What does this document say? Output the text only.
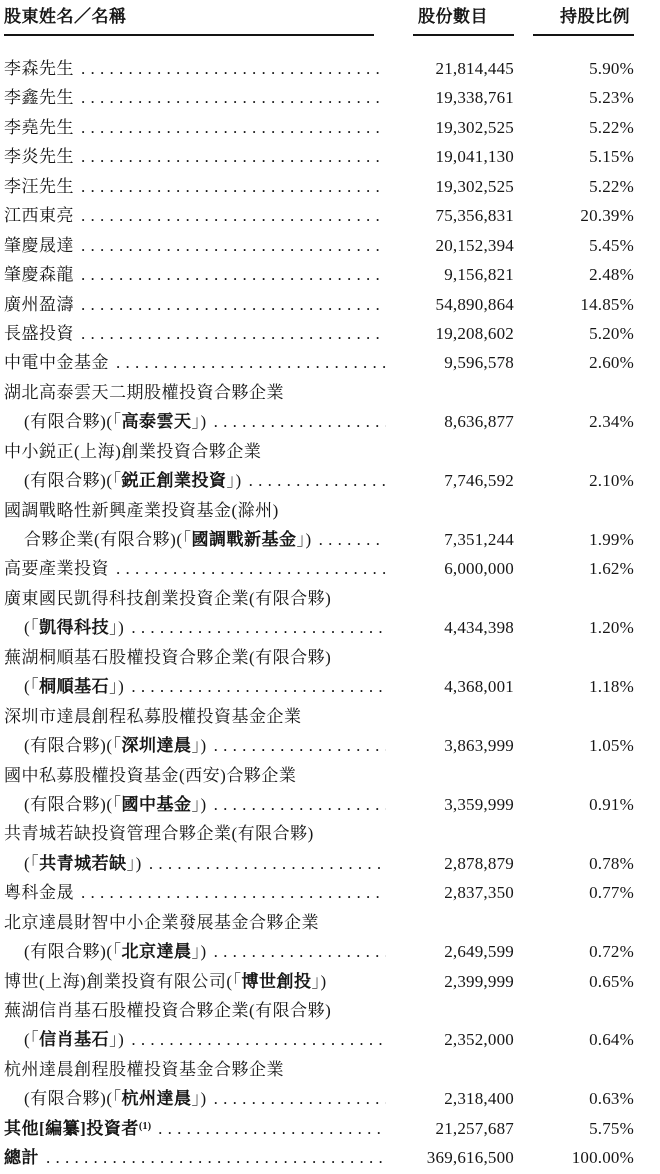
股東姓名／名稱	股份數目	持股比例
李森先生 . . .	21,814,445	5.90%
李鑫先生 . . .	19,338,761	5.23%
李堯先生 . . .	19,302,525	5.22%
李炎先生 . . .	19,041,130	5.15%
李汪先生 . . .	19,302,525	5.22%
江西東亮 . . .	75,356,831	20.39%
肇慶晟達 . . .	20,152,394	5.45%
肇慶森龍 . . .	9,156,821	2.48%
廣州盈濤 . . .	54,890,864	14.85%
長盛投資 . . .	19,208,602	5.20%
中電中金基金 . . .	9,596,578	2.60%
湖北高泰雲天二期股權投資合夥企業
(有限合夥)(「高泰雲天」) . . .	8,636,877	2.34%
中小鋭正(上海)創業投資合夥企業
(有限合夥)(「鋭正創業投資」) . . .	7,746,592	2.10%
國調戰略性新興產業投資基金(滁州)
合夥企業(有限合夥)(「國調戰新基金」) . . .	7,351,244	1.99%
高要產業投資 . . .	6,000,000	1.62%
廣東國民凱得科技創業投資企業(有限合夥)
(「凱得科技」) . . .	4,434,398	1.20%
蕪湖桐順基石股權投資合夥企業(有限合夥)
(「桐順基石」) . . .	4,368,001	1.18%
深圳市達晨創程私募股權投資基金企業
(有限合夥)(「深圳達晨」) . . .	3,863,999	1.05%
國中私募股權投資基金(西安)合夥企業
(有限合夥)(「國中基金」) . . .	3,359,999	0.91%
共青城若缺投資管理合夥企業(有限合夥)
(「共青城若缺」) . . .	2,878,879	0.78%
粵科金晟 . . .	2,837,350	0.77%
北京達晨財智中小企業發展基金合夥企業
(有限合夥)(「北京達晨」) . . .	2,649,599	0.72%
博世(上海)創業投資有限公司(「博世創投」)	2,399,999	0.65%
蕪湖信肖基石股權投資合夥企業(有限合夥)
(「信肖基石」) . . .	2,352,000	0.64%
杭州達晨創程股權投資基金合夥企業
(有限合夥)(「杭州達晨」) . . .	2,318,400	0.63%
其他[編纂]投資者$^{(1)}$ . . .	21,257,687	5.75%
總計 . . .	369,616,500	100.00%
